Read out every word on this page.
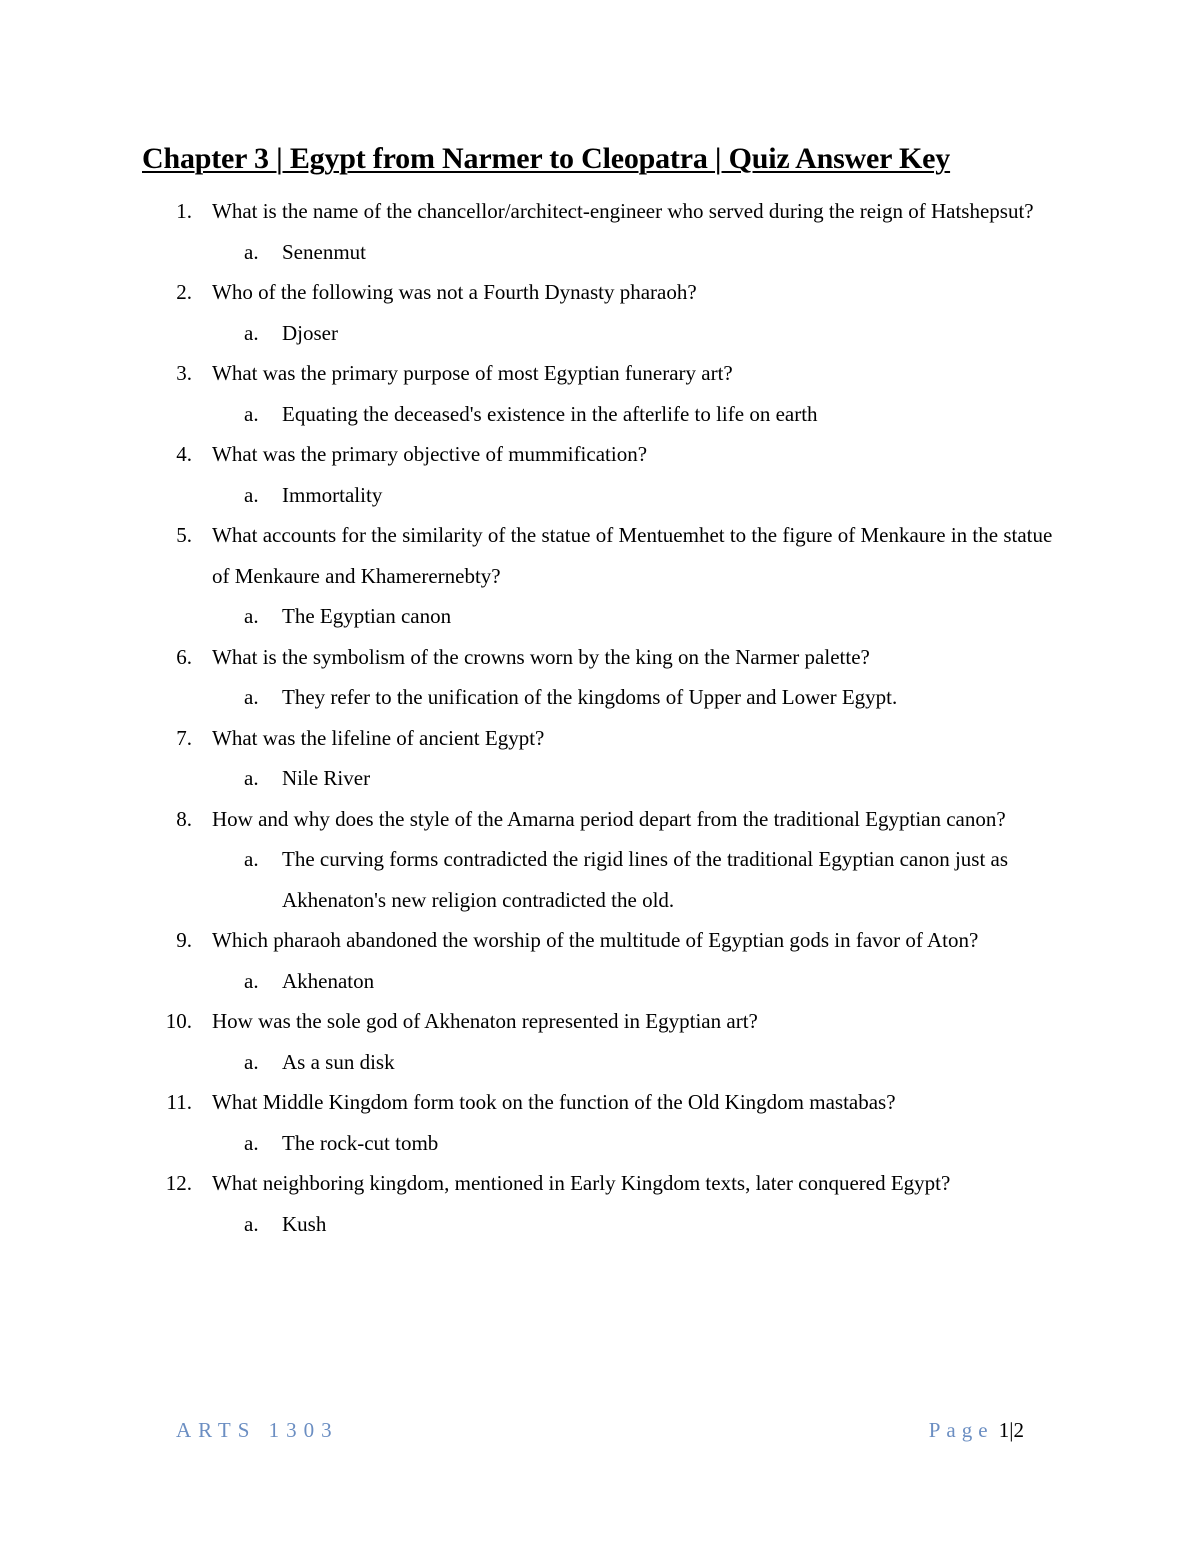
Chapter 3 | Egypt from Narmer to Cleopatra | Quiz Answer Key
1. What is the name of the chancellor/architect-engineer who served during the reign of Hatshepsut?
a. Senenmut
2. Who of the following was not a Fourth Dynasty pharaoh?
a. Djoser
3. What was the primary purpose of most Egyptian funerary art?
a. Equating the deceased's existence in the afterlife to life on earth
4. What was the primary objective of mummification?
a. Immortality
5. What accounts for the similarity of the statue of Mentuemhet to the figure of Menkaure in the statue of Menkaure and Khamerernebty?
a. The Egyptian canon
6. What is the symbolism of the crowns worn by the king on the Narmer palette?
a. They refer to the unification of the kingdoms of Upper and Lower Egypt.
7. What was the lifeline of ancient Egypt?
a. Nile River
8. How and why does the style of the Amarna period depart from the traditional Egyptian canon?
a. The curving forms contradicted the rigid lines of the traditional Egyptian canon just as Akhenaton's new religion contradicted the old.
9. Which pharaoh abandoned the worship of the multitude of Egyptian gods in favor of Aton?
a. Akhenaton
10. How was the sole god of Akhenaton represented in Egyptian art?
a. As a sun disk
11. What Middle Kingdom form took on the function of the Old Kingdom mastabas?
a. The rock-cut tomb
12. What neighboring kingdom, mentioned in Early Kingdom texts, later conquered Egypt?
a. Kush
ARTS 1303	Page 1|2
